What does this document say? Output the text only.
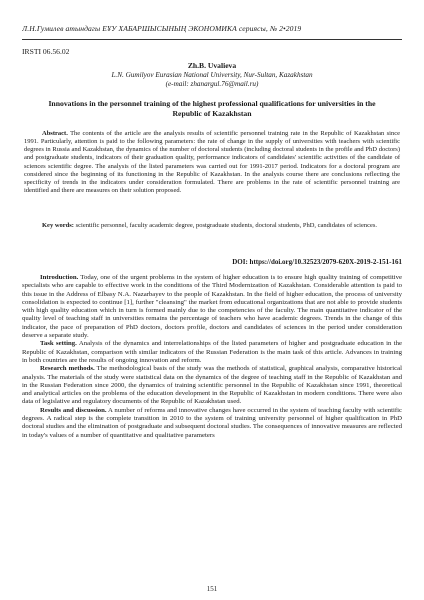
Л.Н.Гумилев атындагы ЕҰУ ХАБАРШЫСЫНЫҢ ЭКОНОМИКА сериясы, № 2•2019
IRSTI 06.56.02
Zh.B. Uvalieva
L.N. Gumilyov Eurasian National University, Nur-Sultan, Kazakhstan
(e-mail: zhanargul.76@mail.ru)
Innovations in the personnel training of the highest professional qualifications for universities in the Republic of Kazakhstan

Abstract. The contents of the article are the analysis results of scientific personnel training rate in the Republic of Kazakhstan since 1991. Particularly, attention is paid to the following parameters: the rate of change in the supply of universities with teachers with scientific degrees in Russia and Kazakhstan, the dynamics of the number of doctoral students (including doctoral students in the profile and PhD doctors) and postgraduate students, indicators of their graduation quality, performance indicators of candidates' scientific activities of the candidate of sciences scientific degree. The analysis of the listed parameters was carried out for 1991-2017 period. Indicators for a doctoral program are considered since the beginning of its functioning in the Republic of Kazakhstan. In the analysis course there are conclusions reflecting the specificity of trends in the indicators under consideration formulated. There are problems in the rate of scientific personnel training are identified and there are measures on their solution proposed.

Key words: scientific personnel, faculty academic degree, postgraduate students, doctoral students, PhD, candidates of sciences.

DOI: https://doi.org/10.32523/2079-620X-2019-2-151-161

Introduction. Today, one of the urgent problems in the system of higher education is to ensure high quality training of competitive specialists who are capable to effective work in the conditions of the Third Modernization of Kazakhstan. Considerable attention is paid to this issue in the Address of Elbasy N.A. Nazarbayev to the people of Kazakhstan. In the field of higher education, the process of university consolidation is expected to continue [1], further "cleansing" the market from educational organizations that are not able to provide students with high quality education which in turn is formed mainly due to the competencies of the faculty. The main quantitative indicator of the quality level of teaching staff in universities remains the percentage of teachers who have academic degrees. Trends in the change of this indicator, the pace of preparation of PhD doctors, doctors profile, doctors and candidates of sciences in the period under consideration deserve a separate study.

Task setting. Analysis of the dynamics and interrelationships of the listed parameters of higher and postgraduate education in the Republic of Kazakhstan, comparison with similar indicators of the Russian Federation is the main task of this article. Advances in training in both countries are the results of ongoing innovation and reform.

Research methods. The methodological basis of the study was the methods of statistical, graphical analysis, comparative historical analysis. The materials of the study were statistical data on the dynamics of the degree of teaching staff in the Republic of Kazakhstan and in the Russian Federation since 2000, the dynamics of training scientific personnel in the Republic of Kazakhstan since 1991, theoretical and analytical articles on the problems of the education development in the Republic of Kazakhstan in modern conditions. There were also data of legislative and regulatory documents of the Republic of Kazakhstan used.

Results and discussion. A number of reforms and innovative changes have occurred in the system of teaching faculty with scientific degrees. A radical step is the complete transition in 2010 to the system of training university personnel of higher qualification in PhD doctoral studies and the elimination of postgraduate and subsequent doctoral studies. The consequences of innovative measures are reflected in today's values of a number of quantitative and qualitative parameters

151
